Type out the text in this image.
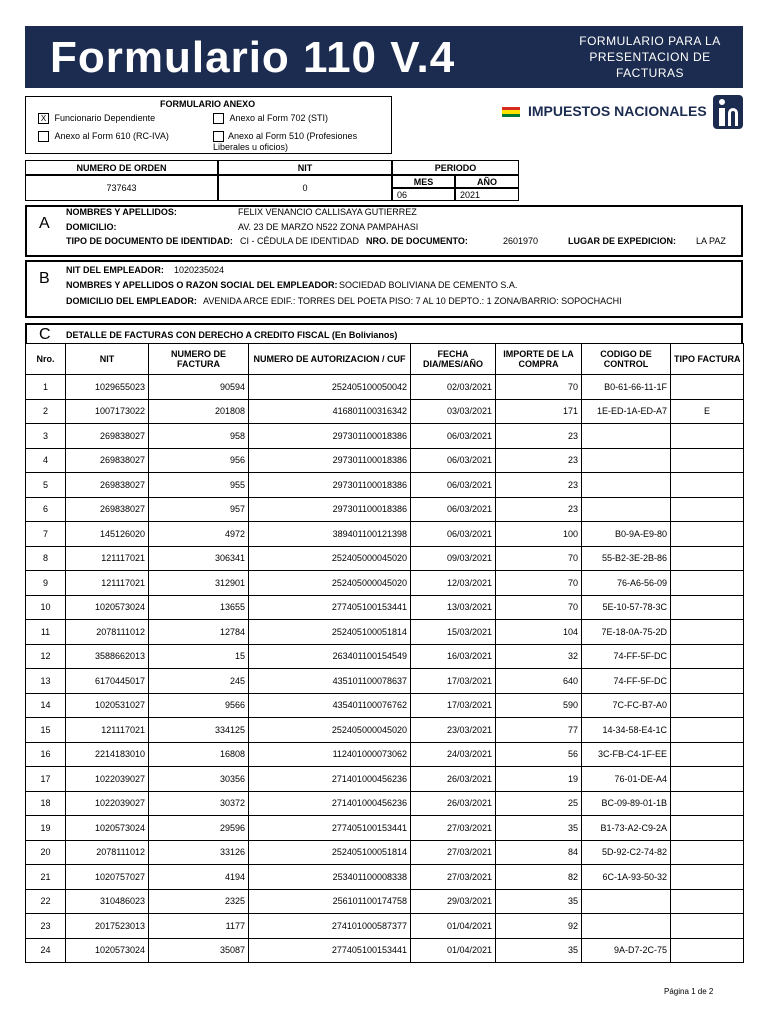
Formulario 110 V.4	FORMULARIO PARA LA
PRESENTACION DE
FACTURAS
FORMULARIO ANEXO
X Funcionario Dependiente
Anexo al Form 610 (RC-IVA)
Anexo al Form 702 (STI)
Anexo al Form 510 (Profesiones Liberales u oficios)
IMPUESTOS NACIONALES
NUMERO DE ORDEN
737643
NIT
0
PERIODO
MES	AÑO
06	2021
A
NOMBRES Y APELLIDOS:	FELIX VENANCIO CALLISAYA GUTIERREZ
DOMICILIO:	AV. 23 DE MARZO N522 ZONA PAMPAHASI
TIPO DE DOCUMENTO DE IDENTIDAD: CI - CÉDULA DE IDENTIDAD NRO. DE DOCUMENTO:	2601970	LUGAR DE EXPEDICION: LA PAZ
B NIT DEL EMPLEADOR: 1020235024
NOMBRES Y APELLIDOS O RAZON SOCIAL DEL EMPLEADOR: SOCIEDAD BOLIVIANA DE CEMENTO S.A.
DOMICILIO DEL EMPLEADOR: AVENIDA ARCE EDIF.: TORRES DEL POETA PISO: 7 AL 10 DEPTO.: 1 ZONA/BARRIO: SOPOCHACHI
C DETALLE DE FACTURAS CON DERECHO A CREDITO FISCAL (En Bolivianos)
Nro.	NIT	NUMERO DE FACTURA	NUMERO DE AUTORIZACION / CUF	FECHA DIA/MES/AÑO	IMPORTE DE LA COMPRA	CODIGO DE CONTROL	TIPO FACTURA
1	1029655023	90594	252405100050042	02/03/2021	70	B0-61-66-11-1F	
2	1007173022	201808	416801100316342	03/03/2021	171	1E-ED-1A-ED-A7	E
3	269838027	958	297301100018386	06/03/2021	23		
4	269838027	956	297301100018386	06/03/2021	23		
5	269838027	955	297301100018386	06/03/2021	23		
6	269838027	957	297301100018386	06/03/2021	23		
7	145126020	4972	389401100121398	06/03/2021	100	B0-9A-E9-80	
8	121117021	306341	252405000045020	09/03/2021	70	55-B2-3E-2B-86	
9	121117021	312901	252405000045020	12/03/2021	70	76-A6-56-09	
10	1020573024	13655	277405100153441	13/03/2021	70	5E-10-57-78-3C	
11	2078111012	12784	252405100051814	15/03/2021	104	7E-18-0A-75-2D	
12	3588662013	15	263401100154549	16/03/2021	32	74-FF-5F-DC	
13	6170445017	245	435101100078637	17/03/2021	640	74-FF-5F-DC	
14	1020531027	9566	435401100076762	17/03/2021	590	7C-FC-B7-A0	
15	121117021	334125	252405000045020	23/03/2021	77	14-34-58-E4-1C	
16	2214183010	16808	112401000073062	24/03/2021	56	3C-FB-C4-1F-EE	
17	1022039027	30356	271401000456236	26/03/2021	19	76-01-DE-A4	
18	1022039027	30372	271401000456236	26/03/2021	25	BC-09-89-01-1B	
19	1020573024	29596	277405100153441	27/03/2021	35	B1-73-A2-C9-2A	
20	2078111012	33126	252405100051814	27/03/2021	84	5D-92-C2-74-82	
21	1020757027	4194	253401100008338	27/03/2021	82	6C-1A-93-50-32	
22	310486023	2325	256101100174758	29/03/2021	35		
23	2017523013	1177	274101000587377	01/04/2021	92		
24	1020573024	35087	277405100153441	01/04/2021	35	9A-D7-2C-75	
Página 1 de 2
